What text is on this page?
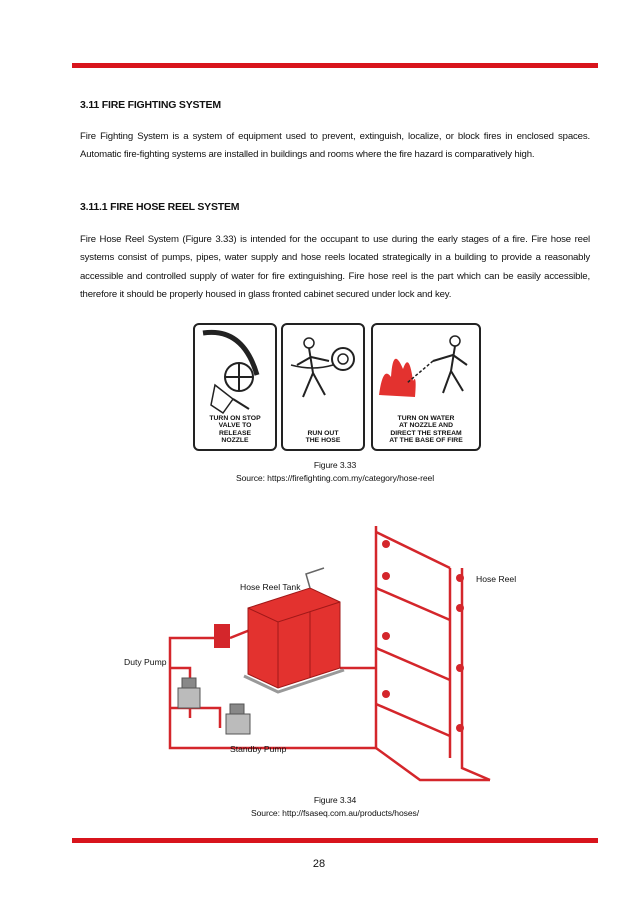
3.11 FIRE FIGHTING SYSTEM
Fire Fighting System is a system of equipment used to prevent, extinguish, localize, or block fires in enclosed spaces. Automatic fire-fighting systems are installed in buildings and rooms where the fire hazard is comparatively high.
3.11.1 FIRE HOSE REEL SYSTEM
Fire Hose Reel System (Figure 3.33) is intended for the occupant to use during the early stages of a fire. Fire hose reel systems consist of pumps, pipes, water supply and hose reels located strategically in a building to provide a reasonably accessible and controlled supply of water for fire extinguishing. Fire hose reel is the part which can be easily accessible, therefore it should be properly housed in glass fronted cabinet secured under lock and key.
TURN ON STOP
VALVE TO
RELEASE
NOZZLE
RUN OUT
THE HOSE
TURN ON WATER
AT NOZZLE AND
DIRECT THE STREAM
AT THE BASE OF FIRE
Figure 3.33
Source: https://firefighting.com.my/category/hose-reel
Hose Reel Tank
Hose Reel
Duty Pump
Standby Pump
Figure 3.34
Source: http://fsaseq.com.au/products/hoses/
28
